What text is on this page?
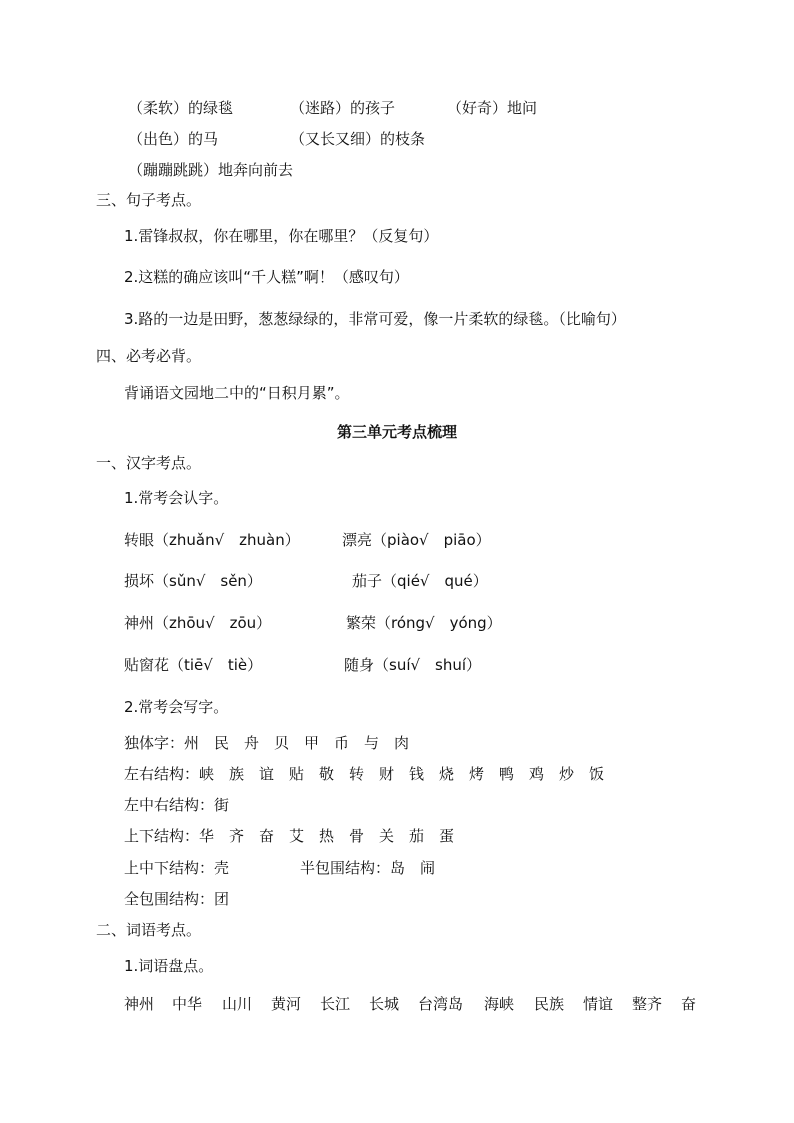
（柔软）的绿毯	（迷路）的孩子	（好奇）地问
（出色）的马	（又长又细）的枝条
（蹦蹦跳跳）地奔向前去
三、句子考点。
1.雷锋叔叔，你在哪里，你在哪里？（反复句）
2.这糕的确应该叫“千人糕”啊！（感叹句）
3.路的一边是田野，葱葱绿绿的，非常可爱，像一片柔软的绿毯。（比喻句）
四、必考必背。
背诵语文园地二中的“日积月累”。
第三单元考点梳理
一、汉字考点。
1.常考会认字。
转眼（zhuǎn√　zhuàn）	漂亮（piào√　piāo）
损坏（sǔn√　sěn）	茄子（qié√　qué）
神州（zhōu√　zōu）	繁荣（róng√　yóng）
贴窗花（tiē√　tiè）	随身（suí√　shuí）
2.常考会写字。
独体字：州　民　舟　贝　甲　币　与　肉
左右结构：峡　族　谊　贴　敬　转　财　钱　烧　烤　鸭　鸡　炒　饭
左中右结构：街
上下结构：华　齐　奋　艾　热　骨　关　茄　蛋
上中下结构：壳	半包围结构：岛　闹
全包围结构：团
二、词语考点。
1.词语盘点。
神州 中华 山川 黄河 长江 长城 台湾岛 海峡 民族 情谊 整齐 奋
